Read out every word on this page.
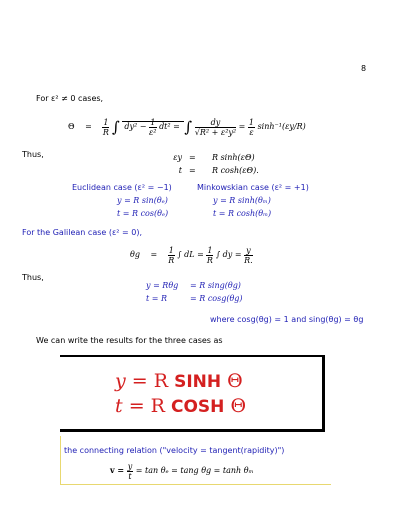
8
For ε² ≠ 0 cases,
$\Theta = \frac{1}{R}$ ∫ $dy^2 - \frac{1}{\text{ε²}} dt^2$ = ∫ $\frac{dy}{\text{√R² + ε²y²}} = \frac{1}{\varepsilon} \sinh^{-1}(\varepsilon y/R)$
Thus,	εy = R sinh(εΘ)
t = R cosh(εΘ).
Euclidean case (ε² = −1)
y = R sin(θₑ)
t = R cos(θₑ)
Minkowskian case (ε² = +1)
y = R sinh(θₘ)
t = R cosh(θₘ)
For the Galilean case (ε² = 0),
$\theta g = \frac{1}{R}$ ∫ dL = $\frac{1}{R}$ ∫ dy = $\frac{y}{R.}$
Thus,
y = Rθg = R sing(θg)
t = R	= R cosg(θg)
where cosg(θg) = 1 and sing(θg) = θg
We can write the results for the three cases as
y = R SINH Θ
t = R COSH Θ
the connecting relation ("velocity = tangent(rapidity)")
$v = \frac{y}{t} = \tan \theta_e = \tan g$ θg = tanh θₘ
